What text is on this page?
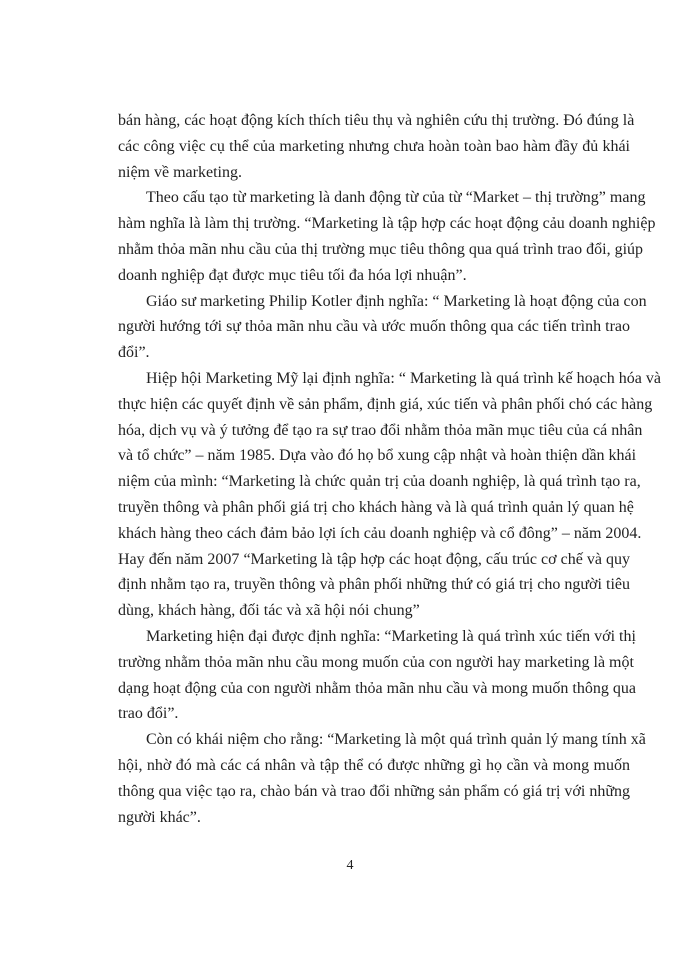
bán hàng, các hoạt động kích thích tiêu thụ và nghiên cứu thị trường. Đó đúng là
các công việc cụ thể của marketing nhưng chưa hoàn toàn bao hàm đầy đủ khái
niệm về marketing.
Theo cấu tạo từ marketing là danh động từ của từ “Market – thị trường” mang
hàm nghĩa là làm thị trường. “Marketing là tập hợp các hoạt động cảu doanh nghiệp
nhằm thỏa mãn nhu cầu của thị trường mục tiêu thông qua quá trình trao đổi, giúp
doanh nghiệp đạt được mục tiêu tối đa hóa lợi nhuận”.
Giáo sư marketing Philip Kotler định nghĩa: “ Marketing là hoạt động của con
người hướng tới sự thỏa mãn nhu cầu và ước muốn thông qua các tiến trình trao
đổi”.
Hiệp hội Marketing Mỹ lại định nghĩa: “ Marketing là quá trình kế hoạch hóa và
thực hiện các quyết định về sản phẩm, định giá, xúc tiến và phân phối chó các hàng
hóa, dịch vụ và ý tưởng để tạo ra sự trao đổi nhằm thỏa mãn mục tiêu của cá nhân
và tổ chức” – năm 1985. Dựa vào đó họ bổ xung cập nhật và hoàn thiện dần khái
niệm của mình: “Marketing là chức quản trị của doanh nghiệp, là quá trình tạo ra,
truyền thông và phân phối giá trị cho khách hàng và là quá trình quản lý quan hệ
khách hàng theo cách đảm bảo lợi ích cảu doanh nghiệp và cổ đông” – năm 2004.
Hay đến năm 2007 “Marketing là tập hợp các hoạt động, cấu trúc cơ chế và quy
định nhằm tạo ra, truyền thông và phân phối những thứ có giá trị cho người tiêu
dùng, khách hàng, đối tác và xã hội nói chung”
Marketing hiện đại được định nghĩa: “Marketing là quá trình xúc tiến với thị
trường nhằm thỏa mãn nhu cầu mong muốn của con người hay marketing là một
dạng hoạt động của con người nhằm thỏa mãn nhu cầu và mong muốn thông qua
trao đổi”.
Còn có khái niệm cho rằng: “Marketing là một quá trình quản lý mang tính xã
hội, nhờ đó mà các cá nhân và tập thể có được những gì họ cần và mong muốn
thông qua việc tạo ra, chào bán và trao đổi những sản phẩm có giá trị với những
người khác”.
4
